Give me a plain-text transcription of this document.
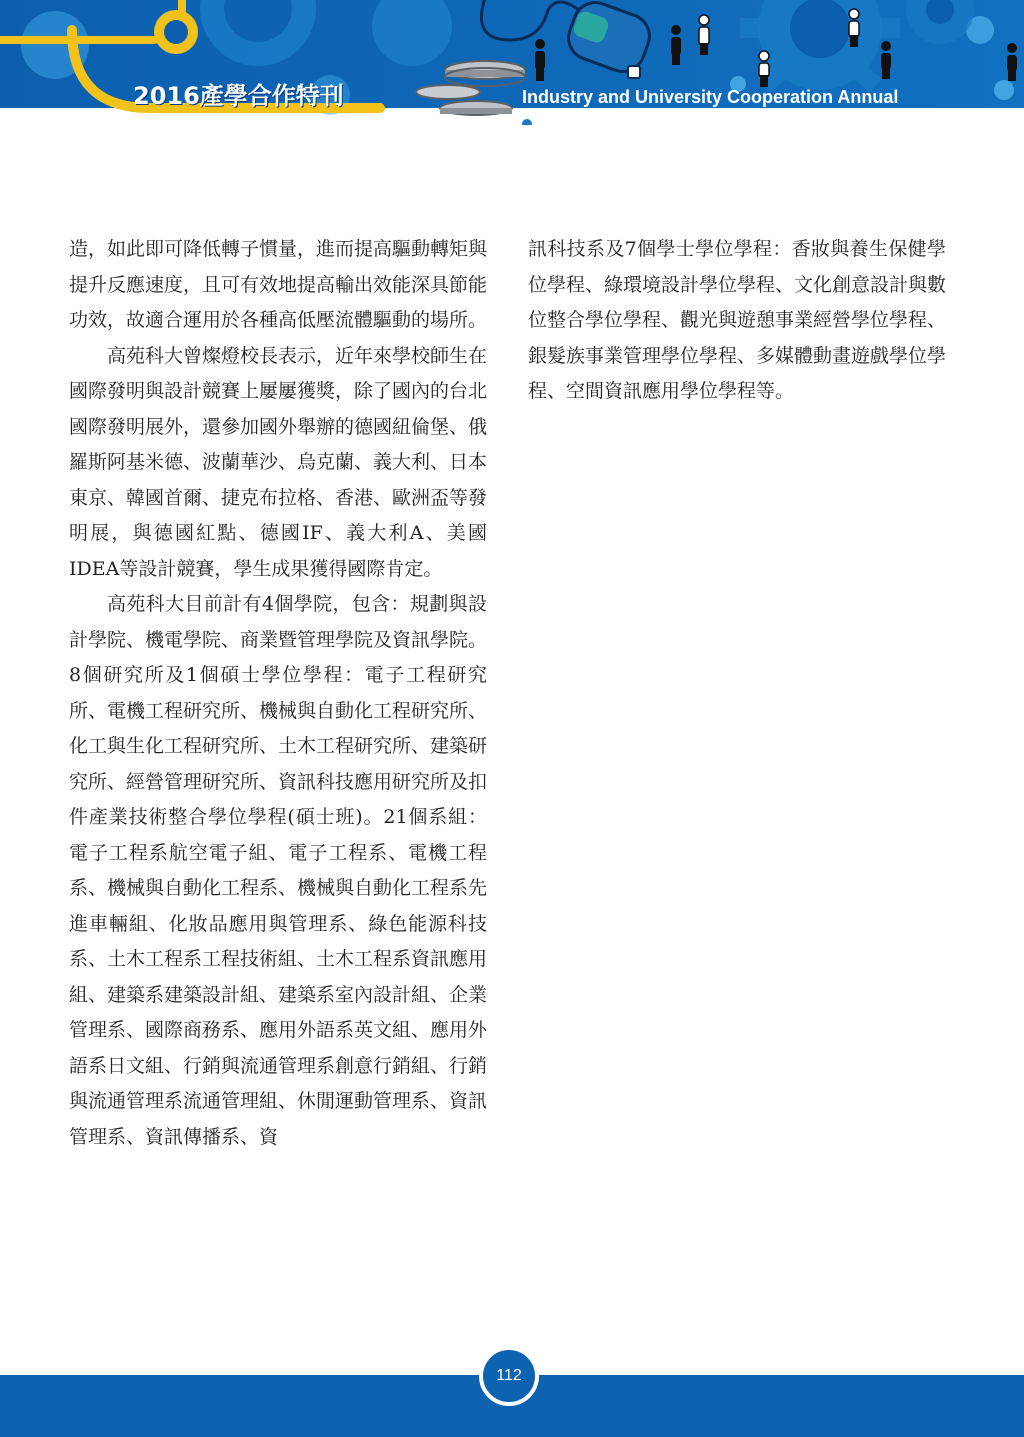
2016產學合作特刊	Industry and University Cooperation Annual

造，如此即可降低轉子慣量，進而提高驅動轉矩與提升反應速度，且可有效地提高輸出效能深具節能功效，故適合運用於各種高低壓流體驅動的場所。

高苑科大曾燦燈校長表示，近年來學校師生在國際發明與設計競賽上屢屢獲獎，除了國內的台北國際發明展外，還參加國外舉辦的德國紐倫堡、俄羅斯阿基米德、波蘭華沙、烏克蘭、義大利、日本東京、韓國首爾、捷克布拉格、香港、歐洲盃等發明展，與德國紅點、德國IF、義大利A、美國IDEA等設計競賽，學生成果獲得國際肯定。

高苑科大目前計有4個學院，包含：規劃與設計學院、機電學院、商業暨管理學院及資訊學院。8個研究所及1個碩士學位學程：電子工程研究所、電機工程研究所、機械與自動化工程研究所、化工與生化工程研究所、土木工程研究所、建築研究所、經營管理研究所、資訊科技應用研究所及扣件產業技術整合學位學程(碩士班)。21個系組：電子工程系航空電子組、電子工程系、電機工程系、機械與自動化工程系、機械與自動化工程系先進車輛組、化妝品應用與管理系、綠色能源科技系、土木工程系工程技術組、土木工程系資訊應用組、建築系建築設計組、建築系室內設計組、企業管理系、國際商務系、應用外語系英文組、應用外語系日文組、行銷與流通管理系創意行銷組、行銷與流通管理系流通管理組、休閒運動管理系、資訊管理系、資訊傳播系、資

訊科技系及7個學士學位學程：香妝與養生保健學位學程、綠環境設計學位學程、文化創意設計與數位整合學位學程、觀光與遊憩事業經營學位學程、銀髮族事業管理學位學程、多媒體動畫遊戲學位學程、空間資訊應用學位學程等。

112
